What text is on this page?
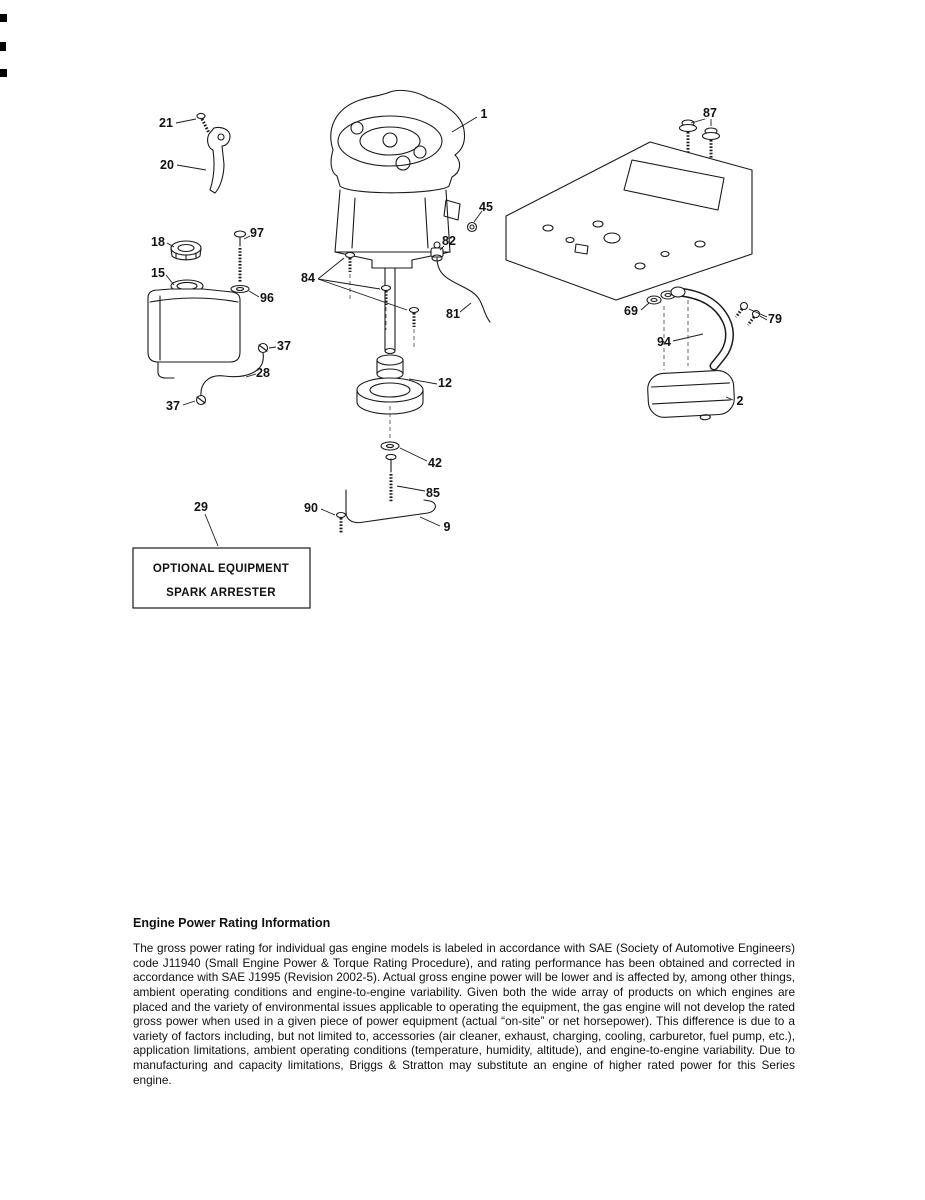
1
21
20
18
97
96
15
37
28
37
84
45
82
81
12
42
85
9
90
87
69
79
94
2
29
OPTIONAL EQUIPMENT
SPARK ARRESTER
Engine Power Rating Information

The gross power rating for individual gas engine models is labeled in accordance with SAE (Society of Automotive Engineers) code J11940 (Small Engine Power & Torque Rating Procedure), and rating performance has been obtained and corrected in accordance with SAE J1995 (Revision 2002-5). Actual gross engine power will be lower and is affected by, among other things, ambient operating conditions and engine-to-engine variability. Given both the wide array of products on which engines are placed and the variety of environmental issues applicable to operating the equipment, the gas engine will not develop the rated gross power when used in a given piece of power equipment (actual “on-site” or net horsepower). This difference is due to a variety of factors including, but not limited to, accessories (air cleaner, exhaust, charging, cooling, carburetor, fuel pump, etc.), application limitations, ambient operating conditions (temperature, humidity, altitude), and engine-to-engine variability. Due to manufacturing and capacity limitations, Briggs & Stratton may substitute an engine of higher rated power for this Series engine.
